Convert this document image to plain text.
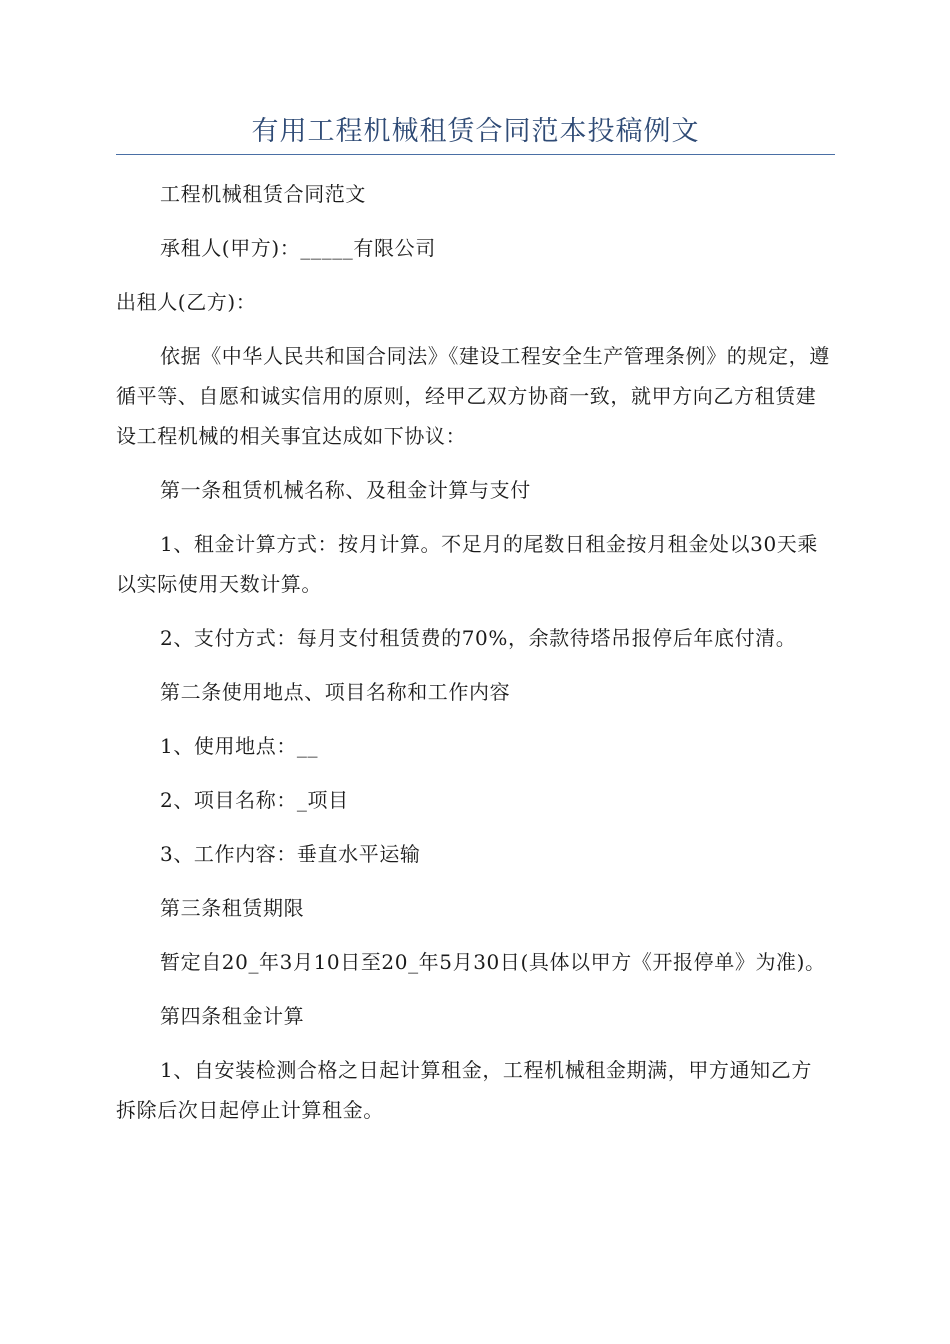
有用工程机械租赁合同范本投稿例文

工程机械租赁合同范文

承租人(甲方)：_____有限公司

出租人(乙方)：

依据《中华人民共和国合同法》《建设工程安全生产管理条例》的规定，遵循平等、自愿和诚实信用的原则，经甲乙双方协商一致，就甲方向乙方租赁建设工程机械的相关事宜达成如下协议：

第一条租赁机械名称、及租金计算与支付

1、租金计算方式：按月计算。不足月的尾数日租金按月租金处以30天乘以实际使用天数计算。

2、支付方式：每月支付租赁费的70%，余款待塔吊报停后年底付清。

第二条使用地点、项目名称和工作内容

1、使用地点：__

2、项目名称：_项目

3、工作内容：垂直水平运输

第三条租赁期限

暂定自20_年3月10日至20_年5月30日(具体以甲方《开报停单》为准)。

第四条租金计算

1、自安装检测合格之日起计算租金，工程机械租金期满，甲方通知乙方拆除后次日起停止计算租金。
